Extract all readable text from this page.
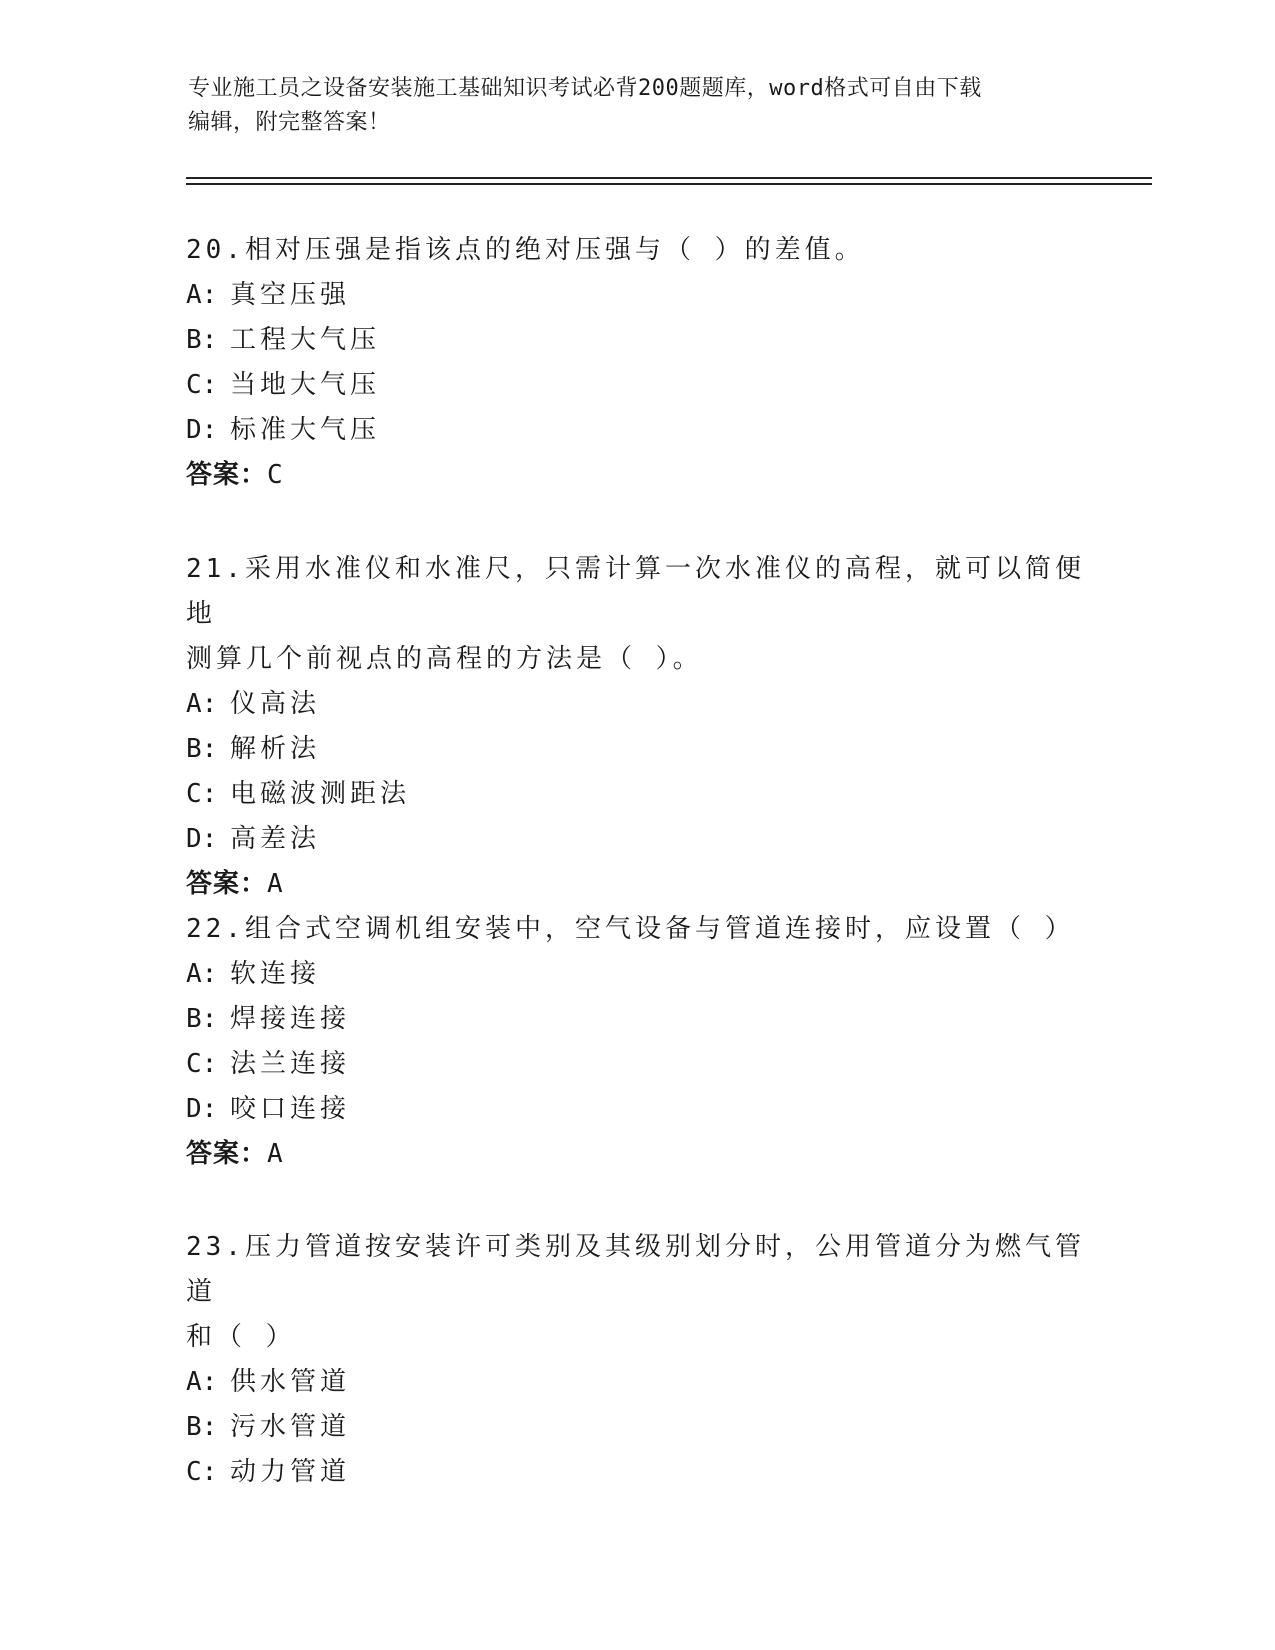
专业施工员之设备安装施工基础知识考试必背200题题库，word格式可自由下载
编辑，附完整答案！

20.相对压强是指该点的绝对压强与（ ）的差值。

A: 真空压强

B: 工程大气压

C: 当地大气压

D: 标准大气压

答案：C

21.采用水准仪和水准尺，只需计算一次水准仪的高程，就可以简便地

测算几个前视点的高程的方法是（ ）。

A: 仪高法

B: 解析法

C: 电磁波测距法

D: 高差法

答案：A

22.组合式空调机组安装中，空气设备与管道连接时，应设置（ ）

A: 软连接

B: 焊接连接

C: 法兰连接

D: 咬口连接

答案：A

23.压力管道按安装许可类别及其级别划分时，公用管道分为燃气管道

和（ ）

A: 供水管道

B: 污水管道

C: 动力管道
